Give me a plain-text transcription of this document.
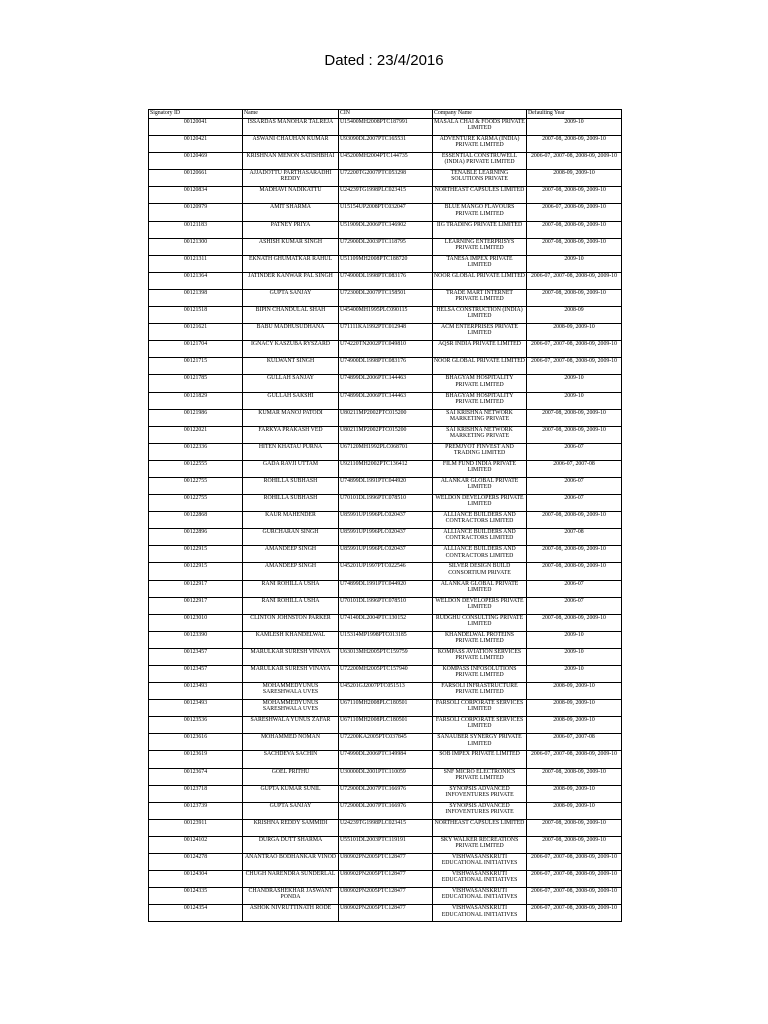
Dated : 23/4/2016
Signatory ID	Name	CIN	Company Name	Defaulting Year
00120041	ISSARDAS MANOHAR TALREJA	U15400MH2008PTC187991	MASALA CHAI & FOODS PRIVATE LIMITED	2009-10
00120421	ASWANI CHAUHAN KUMAR	U93090DL2007PTC165531	ADVENTURE KARMA (INDIA) PRIVATE LIMITED	2007-08, 2008-09, 2009-10
00120469	KRISHNAN MENON SATISHBHAI	U45200MH2004PTC144735	ESSENTIAL CONSTRUWELL (INDIA) PRIVATE LIMITED	2006-07, 2007-08, 2008-09, 2009-10
00120661	AJJADOTTU PARTHASARADHI REDDY	U72200TG2007PTC053298	TENABLE LEARNING SOLUTIONS PRIVATE	2008-09, 2009-10
00120834	MADHAVI NADIKATTU	U24239TG1998PLC023415	NORTHEAST CAPSULES LIMITED	2007-08, 2008-09, 2009-10
00120979	AMIT SHARMA	U15154UP2008PTC032047	BLUE MANGO FLAVOURS PRIVATE LIMITED	2006-07, 2008-09, 2009-10
00121183	PATNEY PRIYA	U51909DL2006PTC146902	IIG TRADING PRIVATE LIMITED	2007-08, 2008-09, 2009-10
00121300	ASHISH KUMAR SINGH	U72900DL2003PTC118795	LEARNING ENTERPRISYS PRIVATE LIMITED	2007-08, 2008-09, 2009-10
00121311	EKNATH GHUMATKAR RAHUL	U51109MH2008PTC188720	TANESA IMPEX PRIVATE LIMITED	2009-10
00121364	JATINDER KANWAR PAL SINGH	U74900DL1998PTC083176	NOOR GLOBAL PRIVATE LIMITED	2006-07, 2007-08, 2008-09, 2009-10
00121398	GUPTA SANJAY	U72300DL2007PTC158501	TRADE MART INTERNET PRIVATE LIMITED	2007-08, 2008-09, 2009-10
00121518	BIPIN CHANDULAL SHAH	U45400MH1995PLC090115	HELSA CONSTRUCTION (INDIA) LIMITED	2008-09
00121621	BABU MADHUSUDHANA	U71111KA1992PTC012948	ACM ENTERPRISES PRIVATE LIMITED	2008-09, 2009-10
00121704	IGNACY KASZUBA RYSZARD	U74220TN2002PTC049810	AQSR INDIA PRIVATE LIMITED	2006-07, 2007-08, 2008-09, 2009-10
00121715	KULWANT SINGH	U74900DL1998PTC083176	NOOR GLOBAL PRIVATE LIMITED	2006-07, 2007-08, 2008-09, 2009-10
00121785	GULLAH SANJAY	U74899DL2006PTC144463	BHAGYAM HOSPITALITY PRIVATE LIMITED	2009-10
00121829	GULLAH SAKSHI	U74899DL2006PTC144463	BHAGYAM HOSPITALITY PRIVATE LIMITED	2009-10
00121986	KUMAR MANOJ PATODI	U80211MP2002PTC015200	SAI KRISHNA NETWORK MARKETING PRIVATE	2007-08, 2008-09, 2009-10
00122021	FARKYA PRAKASH VED	U80211MP2002PTC015200	SAI KRISHNA NETWORK MARKETING PRIVATE	2007-08, 2008-09, 2009-10
00122336	HITEN KHATAU PURNA	U67120MH1992PLC068701	PREMJYOT FINVEST AND TRADING LIMITED	2006-07
00122555	GADA RAVJI UTTAM	U92110MH2002PTC136412	FILM FUND INDIA PRIVATE LIMITED	2006-07, 2007-08
00122755	ROHILLA SUBHASH	U74899DL1991PTC044920	ALANKAR GLOBAL PRIVATE LIMITED	2006-07
00122755	ROHILLA SUBHASH	U70101DL1996PTC078510	WELDON DEVELOPERS PRIVATE LIMITED	2006-07
00122868	KAUR MAHENDER	U85991UP1996PLC020437	ALLIANCE BUILDERS AND CONTRACTORS LIMITED	2007-08, 2008-09, 2009-10
00122896	GURCHARAN SINGH	U85991UP1996PLC020437	ALLIANCE BUILDERS AND CONTRACTORS LIMITED	2007-08
00122915	AMANDEEP SINGH	U85991UP1996PLC020437	ALLIANCE BUILDERS AND CONTRACTORS LIMITED	2007-08, 2008-09, 2009-10
00122915	AMANDEEP SINGH	U45201UP1997PTC022546	SILVER DESIGN BUILD CONSORTIUM PRIVATE	2007-08, 2008-09, 2009-10
00122917	RANI ROHILLA USHA	U74899DL1991PTC044920	ALANKAR GLOBAL PRIVATE LIMITED	2006-07
00122917	RANI ROHILLA USHA	U70101DL1996PTC078510	WELDON DEVELOPERS PRIVATE LIMITED	2006-07
00123010	CLINTON JOHNSTON PARKER	U74140DL2004PTC130152	RUDGHU CONSULTING PRIVATE LIMITED	2007-08, 2008-09, 2009-10
00123390	KAMLESH KHANDELWAL	U15314MP1998PTC013185	KHANDELWAL PROTEINS PRIVATE LIMITED	2009-10
00123457	MARULKAR SURESH VINAYA	U63013MH2005PTC159759	KOMPASS AVIATION SERVICES PRIVATE LIMITED	2009-10
00123457	MARULKAR SURESH VINAYA	U72200MH2005PTC157940	KOMPASS INFOSOLUTIONS PRIVATE LIMITED	2009-10
00123493	MOHAMMEDYUNUS SARESHWALA UVES	U45201GJ2007PTC051513	FARSOLI INFRASTRUCTURE PRIVATE LIMITED	2008-09, 2009-10
00123493	MOHAMMEDYUNUS SARESHWALA UVES	U67110MH2008PLC180501	FARSOLI CORPORATE SERVICES LIMITED	2008-09, 2009-10
00123536	SARESHWALA YUNUS ZAFAR	U67110MH2008PLC180501	FARSOLI CORPORATE SERVICES LIMITED	2008-09, 2009-10
00123616	MOHAMMED NOMAN	U72200KA2005PTC037845	SANAUBER SYNERGY PRIVATE LIMITED	2006-07, 2007-08
00123619	SACHDEVA SACHIN	U74990DL2006PTC149984	SOB IMPEX PRIVATE LIMITED	2006-07, 2007-08, 2008-09, 2009-10
00123674	GOEL PRITHU	U30000DL2001PTC110059	SNF MICRO ELECTRONICS PRIVATE LIMITED	2007-08, 2008-09, 2009-10
00123718	GUPTA KUMAR SUNIL	U72900DL2007PTC166976	SYNOPSIS ADVANCED INFOVENTURES PRIVATE	2008-09, 2009-10
00123739	GUPTA SANJAY	U72900DL2007PTC166976	SYNOPSIS ADVANCED INFOVENTURES PRIVATE	2008-09, 2009-10
00123911	KRISHNA REDDY SAMMIDI	U24239TG1998PLC023415	NORTHEAST CAPSULES LIMITED	2007-08, 2008-09, 2009-10
00124102	DURGA DUTT SHARMA	U55101DL2003PTC119191	SKY WALKER RECREATIONS PRIVATE LIMITED	2007-08, 2008-09, 2009-10
00124278	ANANTRAO BODHANKAR VINOD	U80902PN2005PTC128477	VISHWASANSKRUTI EDUCATIONAL INITIATIVES	2006-07, 2007-08, 2008-09, 2009-10
00124304	CHUGH NARENDRA SUNDERLAL	U80902PN2005PTC128477	VISHWASANSKRUTI EDUCATIONAL INITIATIVES	2006-07, 2007-08, 2008-09, 2009-10
00124335	CHANDRASHEKHAR JASWANT PONDA	U80902PN2005PTC128477	VISHWASANSKRUTI EDUCATIONAL INITIATIVES	2006-07, 2007-08, 2008-09, 2009-10
00124354	ASHOK NIVRUTTINATH RODE	U80902PN2005PTC128477	VISHWASANSKRUTI EDUCATIONAL INITIATIVES	2006-07, 2007-08, 2008-09, 2009-10
